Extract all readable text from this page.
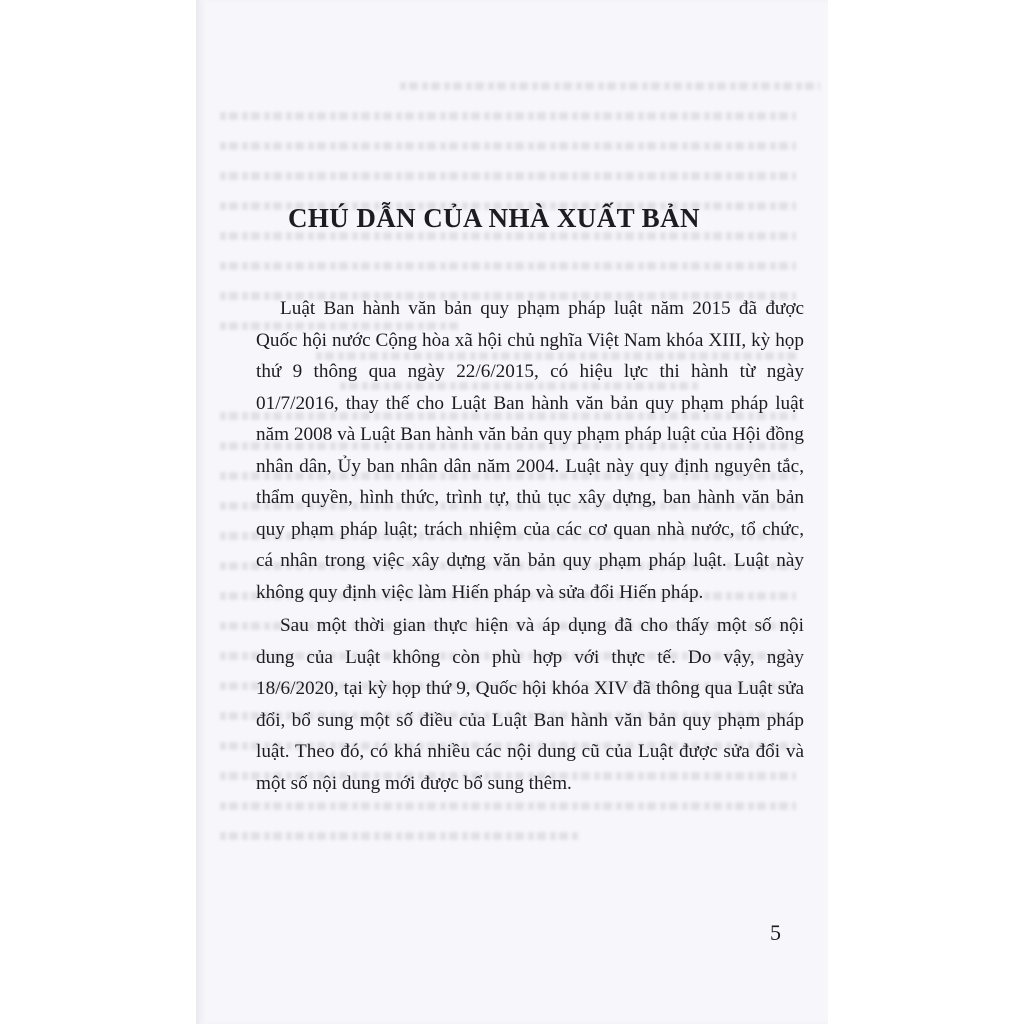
CHÚ DẪN CỦA NHÀ XUẤT BẢN

Luật Ban hành văn bản quy phạm pháp luật năm 2015 đã được Quốc hội nước Cộng hòa xã hội chủ nghĩa Việt Nam khóa XIII, kỳ họp thứ 9 thông qua ngày 22/6/2015, có hiệu lực thi hành từ ngày 01/7/2016, thay thế cho Luật Ban hành văn bản quy phạm pháp luật năm 2008 và Luật Ban hành văn bản quy phạm pháp luật của Hội đồng nhân dân, Ủy ban nhân dân năm 2004. Luật này quy định nguyên tắc, thẩm quyền, hình thức, trình tự, thủ tục xây dựng, ban hành văn bản quy phạm pháp luật; trách nhiệm của các cơ quan nhà nước, tổ chức, cá nhân trong việc xây dựng văn bản quy phạm pháp luật. Luật này không quy định việc làm Hiến pháp và sửa đổi Hiến pháp.

Sau một thời gian thực hiện và áp dụng đã cho thấy một số nội dung của Luật không còn phù hợp với thực tế. Do vậy, ngày 18/6/2020, tại kỳ họp thứ 9, Quốc hội khóa XIV đã thông qua Luật sửa đổi, bổ sung một số điều của Luật Ban hành văn bản quy phạm pháp luật. Theo đó, có khá nhiều các nội dung cũ của Luật được sửa đổi và một số nội dung mới được bổ sung thêm.

5
